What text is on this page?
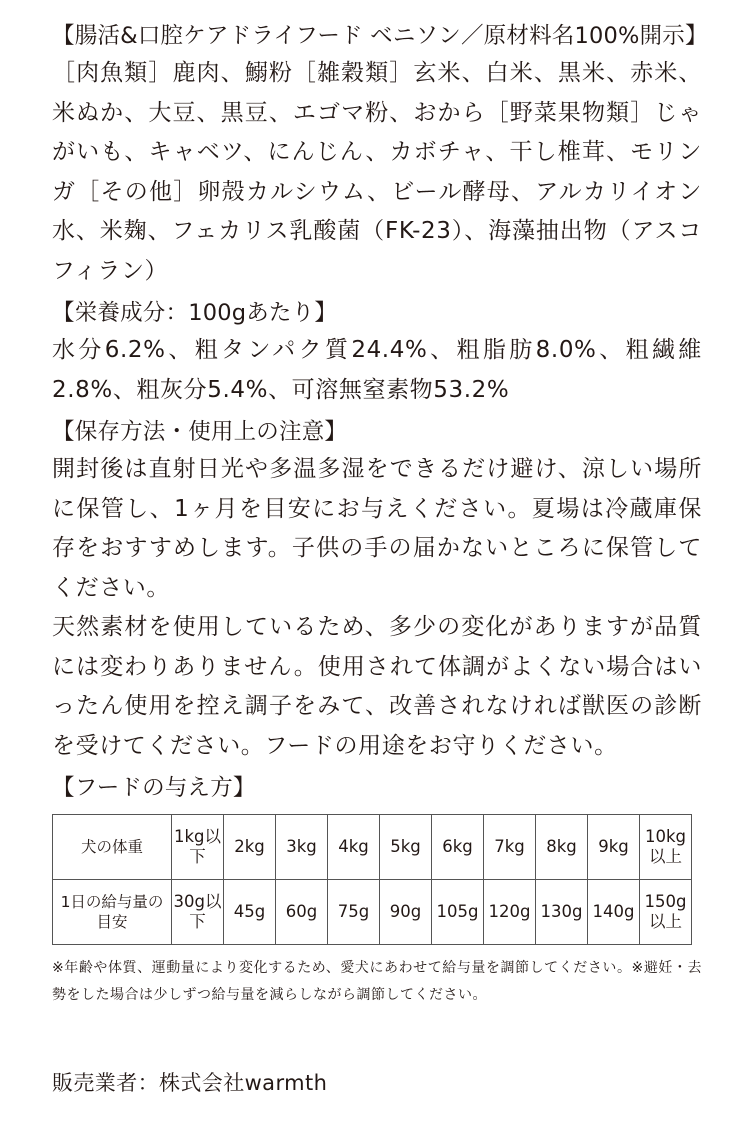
【腸活&口腔ケアドライフード ベニソン／原材料名100%開示】
［肉魚類］鹿肉、鰯粉［雑穀類］玄米、白米、黒米、赤米、米ぬか、大豆、黒豆、エゴマ粉、おから［野菜果物類］じゃがいも、キャベツ、にんじん、カボチャ、干し椎茸、モリンガ［その他］卵殻カルシウム、ビール酵母、アルカリイオン水、米麹、フェカリス乳酸菌（FK-23）、海藻抽出物（アスコフィラン）
【栄養成分：100gあたり】
水分6.2%、粗タンパク質24.4%、粗脂肪8.0%、粗繊維2.8%、粗灰分5.4%、可溶無窒素物53.2%
【保存方法・使用上の注意】
開封後は直射日光や多温多湿をできるだけ避け、涼しい場所に保管し、1ヶ月を目安にお与えください。夏場は冷蔵庫保存をおすすめします。子供の手の届かないところに保管してください。
天然素材を使用しているため、多少の変化がありますが品質には変わりありません。使用されて体調がよくない場合はいったん使用を控え調子をみて、改善されなければ獣医の診断を受けてください。フードの用途をお守りください。
【フードの与え方】
犬の体重	1kg以下	2kg	3kg	4kg	5kg	6kg	7kg	8kg	9kg	10kg以上
1日の給与量の目安	30g以下	45g	60g	75g	90g	105g	120g	130g	140g	150g以上
※年齢や体質、運動量により変化するため、愛犬にあわせて給与量を調節してください。※避妊・去勢をした場合は少しずつ給与量を減らしながら調節してください。
販売業者：株式会社warmth
